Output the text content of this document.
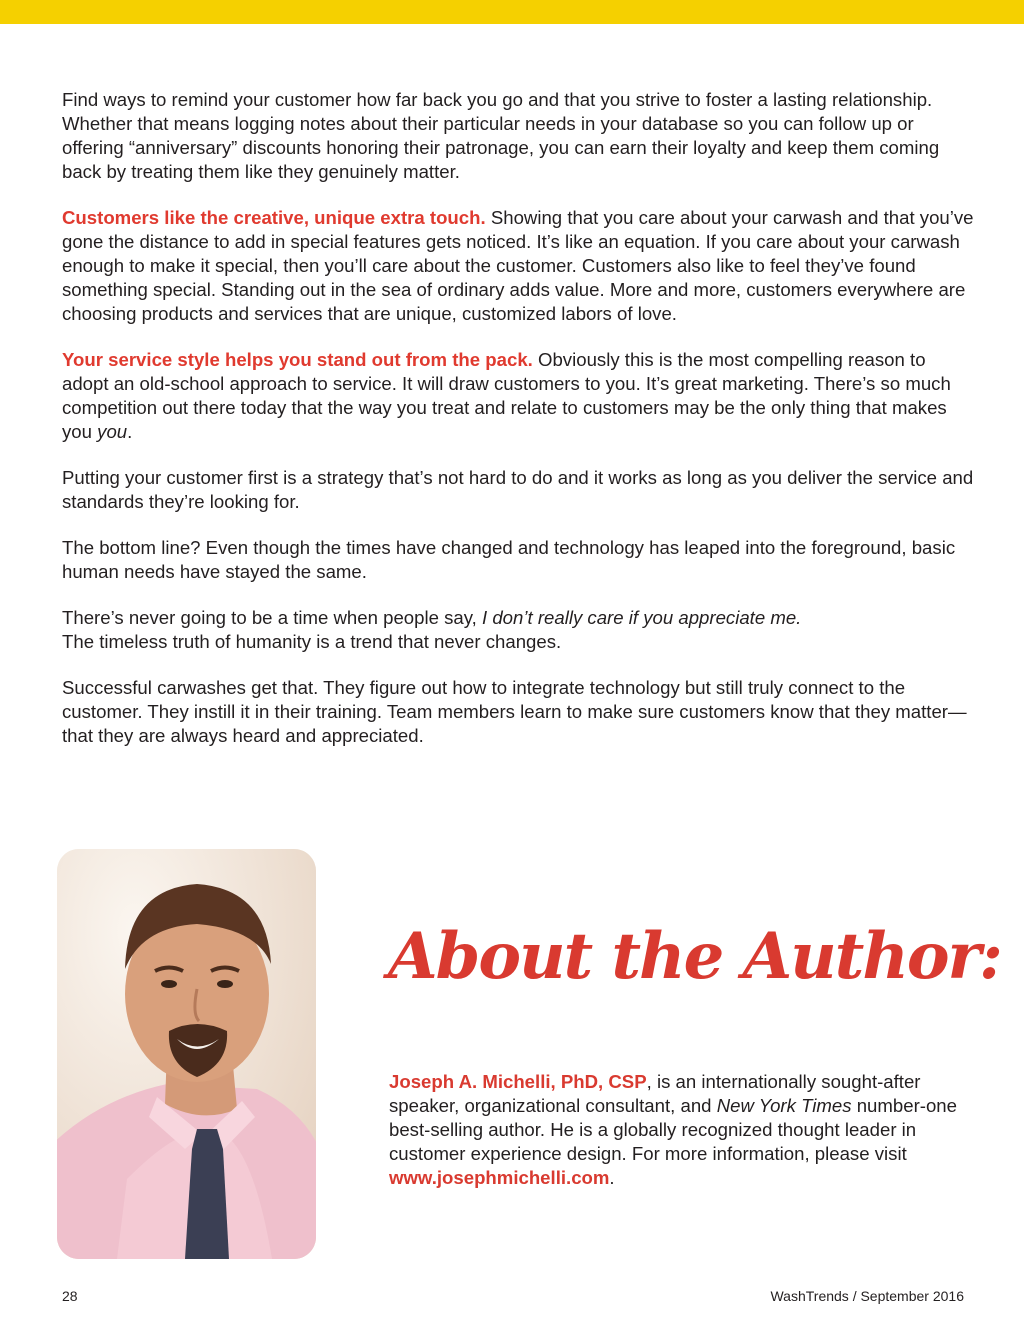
Find ways to remind your customer how far back you go and that you strive to foster a lasting relationship. Whether that means logging notes about their particular needs in your database so you can follow up or offering “anniversary” discounts honoring their patronage, you can earn their loyalty and keep them coming back by treating them like they genuinely matter.

Customers like the creative, unique extra touch. Showing that you care about your carwash and that you’ve gone the distance to add in special features gets noticed. It’s like an equation. If you care about your carwash enough to make it special, then you’ll care about the customer. Customers also like to feel they’ve found something special. Standing out in the sea of ordinary adds value. More and more, customers everywhere are choosing products and services that are unique, customized labors of love.

Your service style helps you stand out from the pack. Obviously this is the most compelling reason to adopt an old-school approach to service. It will draw customers to you. It’s great marketing. There’s so much competition out there today that the way you treat and relate to customers may be the only thing that makes you you.

Putting your customer first is a strategy that’s not hard to do and it works as long as you deliver the service and standards they’re looking for.

The bottom line? Even though the times have changed and technology has leaped into the foreground, basic human needs have stayed the same.

There’s never going to be a time when people say, I don’t really care if you appreciate me.
The timeless truth of humanity is a trend that never changes.

Successful carwashes get that. They figure out how to integrate technology but still truly connect to the customer. They instill it in their training. Team members learn to make sure customers know that they matter—that they are always heard and appreciated.

About the Author:
Joseph A. Michelli, PhD, CSP, is an internationally sought-after speaker, organizational consultant, and New York Times number-one best-selling author. He is a globally recognized thought leader in customer experience design. For more information, please visit www.josephmichelli.com.
28	WashTrends / September 2016
